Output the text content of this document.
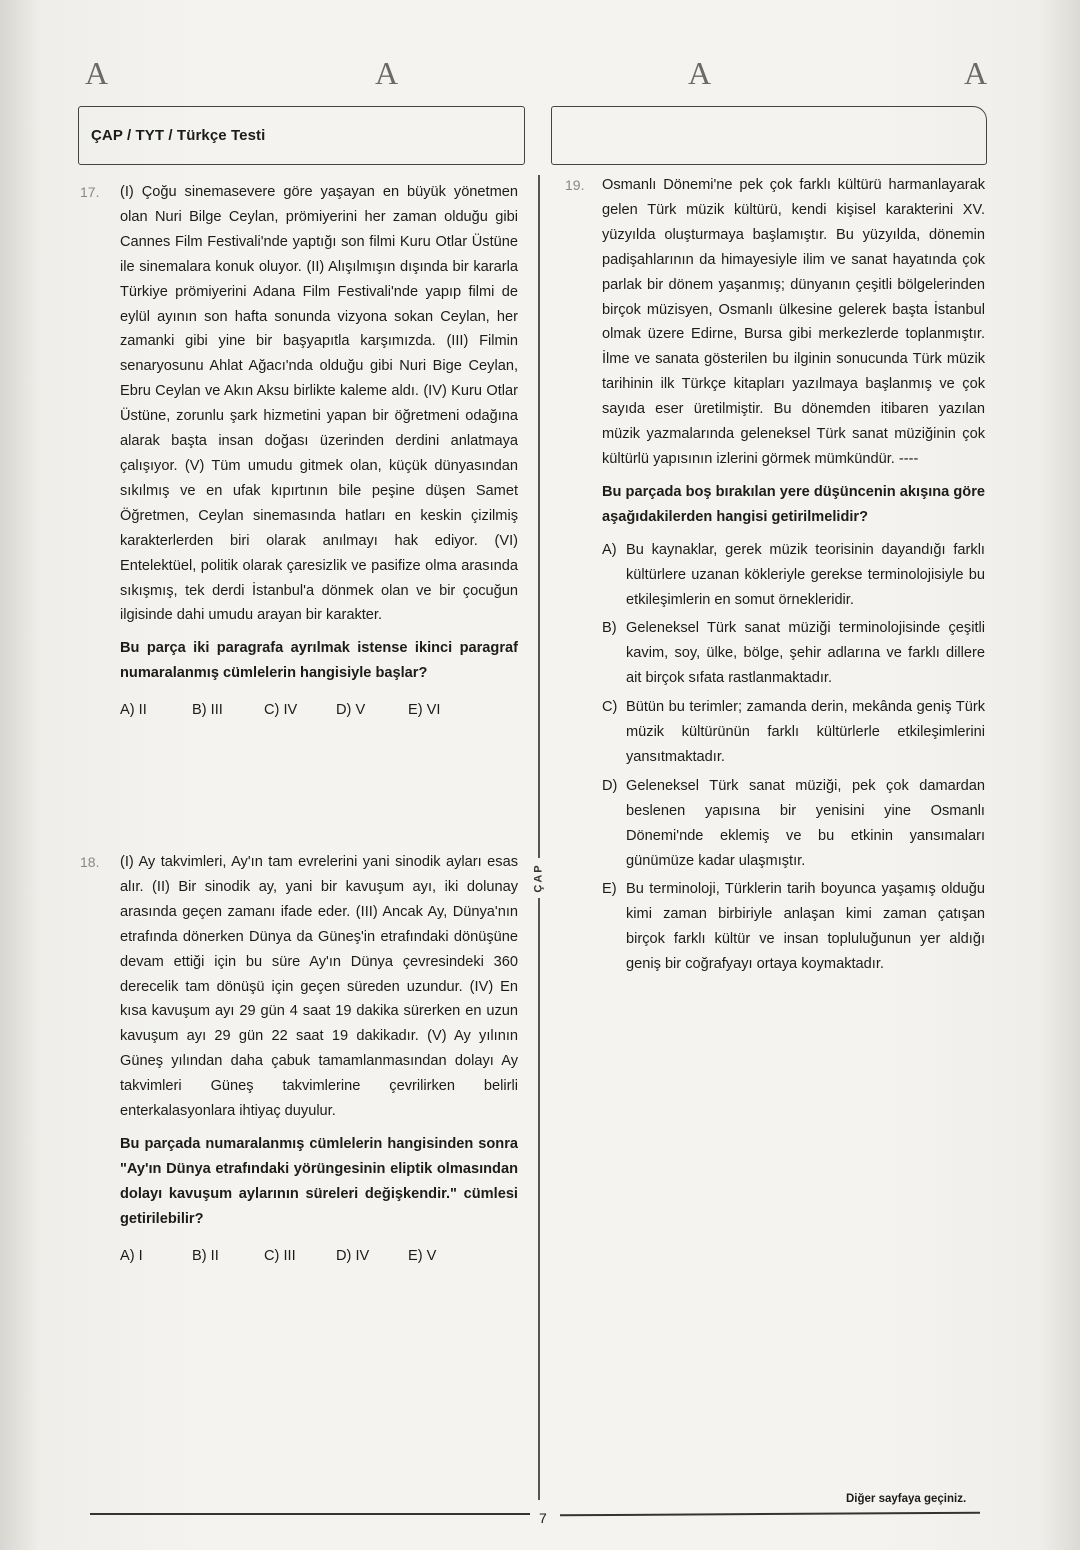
A	A	A	A
ÇAP / TYT / Türkçe Testi
ÇAP
17. (I) Çoğu sinemasevere göre yaşayan en büyük yönetmen olan Nuri Bilge Ceylan, prömiyerini her zaman olduğu gibi Cannes Film Festivali'nde yaptığı son filmi Kuru Otlar Üstüne ile sinemalara konuk oluyor. (II) Alışılmışın dışında bir kararla Türkiye prömiyerini Adana Film Festivali'nde yapıp filmi de eylül ayının son hafta sonunda vizyona sokan Ceylan, her zamanki gibi yine bir başyapıtla karşımızda. (III) Filmin senaryosunu Ahlat Ağacı'nda olduğu gibi Nuri Bige Ceylan, Ebru Ceylan ve Akın Aksu birlikte kaleme aldı. (IV) Kuru Otlar Üstüne, zorunlu şark hizmetini yapan bir öğretmeni odağına alarak başta insan doğası üzerinden derdini anlatmaya çalışıyor. (V) Tüm umudu gitmek olan, küçük dünyasından sıkılmış ve en ufak kıpırtının bile peşine düşen Samet Öğretmen, Ceylan sinemasında hatları en keskin çizilmiş karakterlerden biri olarak anılmayı hak ediyor. (VI) Entelektüel, politik olarak çaresizlik ve pasifize olma arasında sıkışmış, tek derdi İstanbul'a dönmek olan ve bir çocuğun ilgisinde dahi umudu arayan bir karakter.

Bu parça iki paragrafa ayrılmak istense ikinci paragraf numaralanmış cümlelerin hangisiyle başlar?

A) II	B) III	C) IV	D) V	E) VI
18. (I) Ay takvimleri, Ay'ın tam evrelerini yani sinodik ayları esas alır. (II) Bir sinodik ay, yani bir kavuşum ayı, iki dolunay arasında geçen zamanı ifade eder. (III) Ancak Ay, Dünya'nın etrafında dönerken Dünya da Güneş'in etrafındaki dönüşüne devam ettiği için bu süre Ay'ın Dünya çevresindeki 360 derecelik tam dönüşü için geçen süreden uzundur. (IV) En kısa kavuşum ayı 29 gün 4 saat 19 dakika sürerken en uzun kavuşum ayı 29 gün 22 saat 19 dakikadır. (V) Ay yılının Güneş yılından daha çabuk tamamlanmasından dolayı Ay takvimleri Güneş takvimlerine çevrilirken belirli enterkalasyonlara ihtiyaç duyulur.

Bu parçada numaralanmış cümlelerin hangisinden sonra "Ay'ın Dünya etrafındaki yörüngesinin eliptik olmasından dolayı kavuşum aylarının süreleri değişkendir." cümlesi getirilebilir?

A) I	B) II	C) III	D) IV	E) V
19. Osmanlı Dönemi'ne pek çok farklı kültürü harmanlayarak gelen Türk müzik kültürü, kendi kişisel karakterini XV. yüzyılda oluşturmaya başlamıştır. Bu yüzyılda, dönemin padişahlarının da himayesiyle ilim ve sanat hayatında çok parlak bir dönem yaşanmış; dünyanın çeşitli bölgelerinden birçok müzisyen, Osmanlı ülkesine gelerek başta İstanbul olmak üzere Edirne, Bursa gibi merkezlerde toplanmıştır. İlme ve sanata gösterilen bu ilginin sonucunda Türk müzik tarihinin ilk Türkçe kitapları yazılmaya başlanmış ve çok sayıda eser üretilmiştir. Bu dönemden itibaren yazılan müzik yazmalarında geleneksel Türk sanat müziğinin çok kültürlü yapısının izlerini görmek mümkündür. ----

Bu parçada boş bırakılan yere düşüncenin akışına göre aşağıdakilerden hangisi getirilmelidir?

A) Bu kaynaklar, gerek müzik teorisinin dayandığı farklı kültürlere uzanan kökleriyle gerekse terminolojisiyle bu etkileşimlerin en somut örnekleridir.
B) Geleneksel Türk sanat müziği terminolojisinde çeşitli kavim, soy, ülke, bölge, şehir adlarına ve farklı dillere ait birçok sıfata rastlanmaktadır.
C) Bütün bu terimler; zamanda derin, mekânda geniş Türk müzik kültürünün farklı kültürlerle etkileşimlerini yansıtmaktadır.
D) Geleneksel Türk sanat müziği, pek çok damardan beslenen yapısına bir yenisini yine Osmanlı Dönemi'nde eklemiş ve bu etkinin yansımaları günümüze kadar ulaşmıştır.
E) Bu terminoloji, Türklerin tarih boyunca yaşamış olduğu kimi zaman birbiriyle anlaşan kimi zaman çatışan birçok farklı kültür ve insan topluluğunun yer aldığı geniş bir coğrafyayı ortaya koymaktadır.
7
Diğer sayfaya geçiniz.
